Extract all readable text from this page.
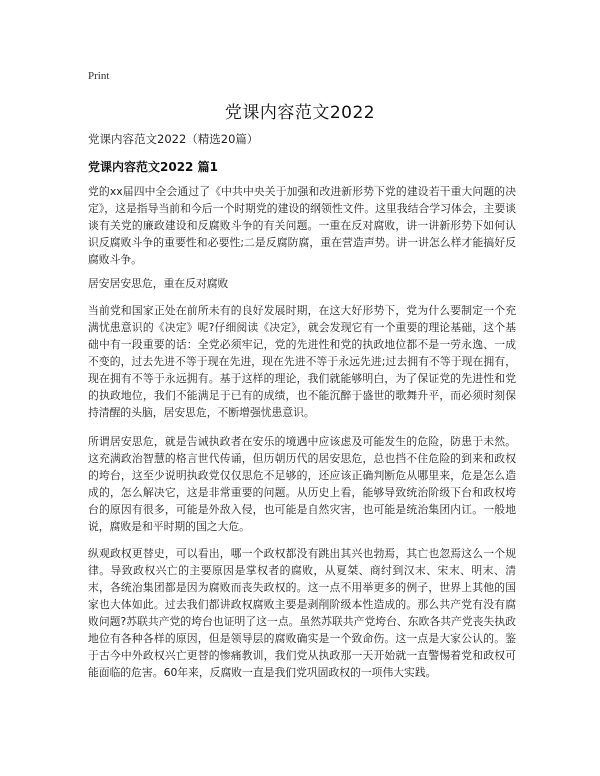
Print
党课内容范文2022
党课内容范文2022（精选20篇）
党课内容范文2022 篇1
党的xx届四中全会通过了《中共中央关于加强和改进新形势下党的建设若干重大问题的决定》，这是指导当前和今后一个时期党的建设的纲领性文件。这里我结合学习体会，主要谈谈有关党的廉政建设和反腐败斗争的有关问题。一重在反对腐败，讲一讲新形势下如何认识反腐败斗争的重要性和必要性;二是反腐防腐，重在营造声势。讲一讲怎么样才能搞好反腐败斗争。
居安居安思危，重在反对腐败
当前党和国家正处在前所未有的良好发展时期，在这大好形势下，党为什么要制定一个充满忧患意识的《决定》呢?仔细阅读《决定》，就会发现它有一个重要的理论基础，这个基础中有一段重要的话：全党必须牢记，党的先进性和党的执政地位都不是一劳永逸、一成不变的，过去先进不等于现在先进，现在先进不等于永远先进;过去拥有不等于现在拥有，现在拥有不等于永远拥有。基于这样的理论，我们就能够明白，为了保证党的先进性和党的执政地位，我们不能满足于已有的成绩，也不能沉醉于盛世的歌舞升平，而必须时刻保持清醒的头脑，居安思危，不断增强忧患意识。
所谓居安思危，就是告诫执政者在安乐的境遇中应该虑及可能发生的危险，防患于未然。这充满政治智慧的格言世代传诵，但历朝历代的居安思危，总也挡不住危险的到来和政权的垮台，这至少说明执政党仅仅思危不足够的，还应该正确判断危从哪里来，危是怎么造成的，怎么解决它，这是非常重要的问题。从历史上看，能够导致统治阶级下台和政权垮台的原因有很多，可能是外敌入侵，也可能是自然灾害，也可能是统治集团内讧。一般地说，腐败是和平时期的国之大危。
纵观政权更替史，可以看出，哪一个政权都没有跳出其兴也勃焉，其亡也忽焉这么一个规律。导致政权兴亡的主要原因是掌权者的腐败，从夏桀、商纣到汉末、宋末、明末、清末，各统治集团都是因为腐败而丧失政权的。这一点不用举更多的例子，世界上其他的国家也大体如此。过去我们都讲政权腐败主要是剥削阶级本性造成的。那么共产党有没有腐败问题?苏联共产党的垮台也证明了这一点。虽然苏联共产党垮台、东欧各共产党丧失执政地位有各种各样的原因，但是领导层的腐败确实是一个致命伤。这一点是大家公认的。鉴于古今中外政权兴亡更替的惨痛教训，我们党从执政那一天开始就一直警惕着党和政权可能面临的危害。60年来，反腐败一直是我们党巩固政权的一项伟大实践。
